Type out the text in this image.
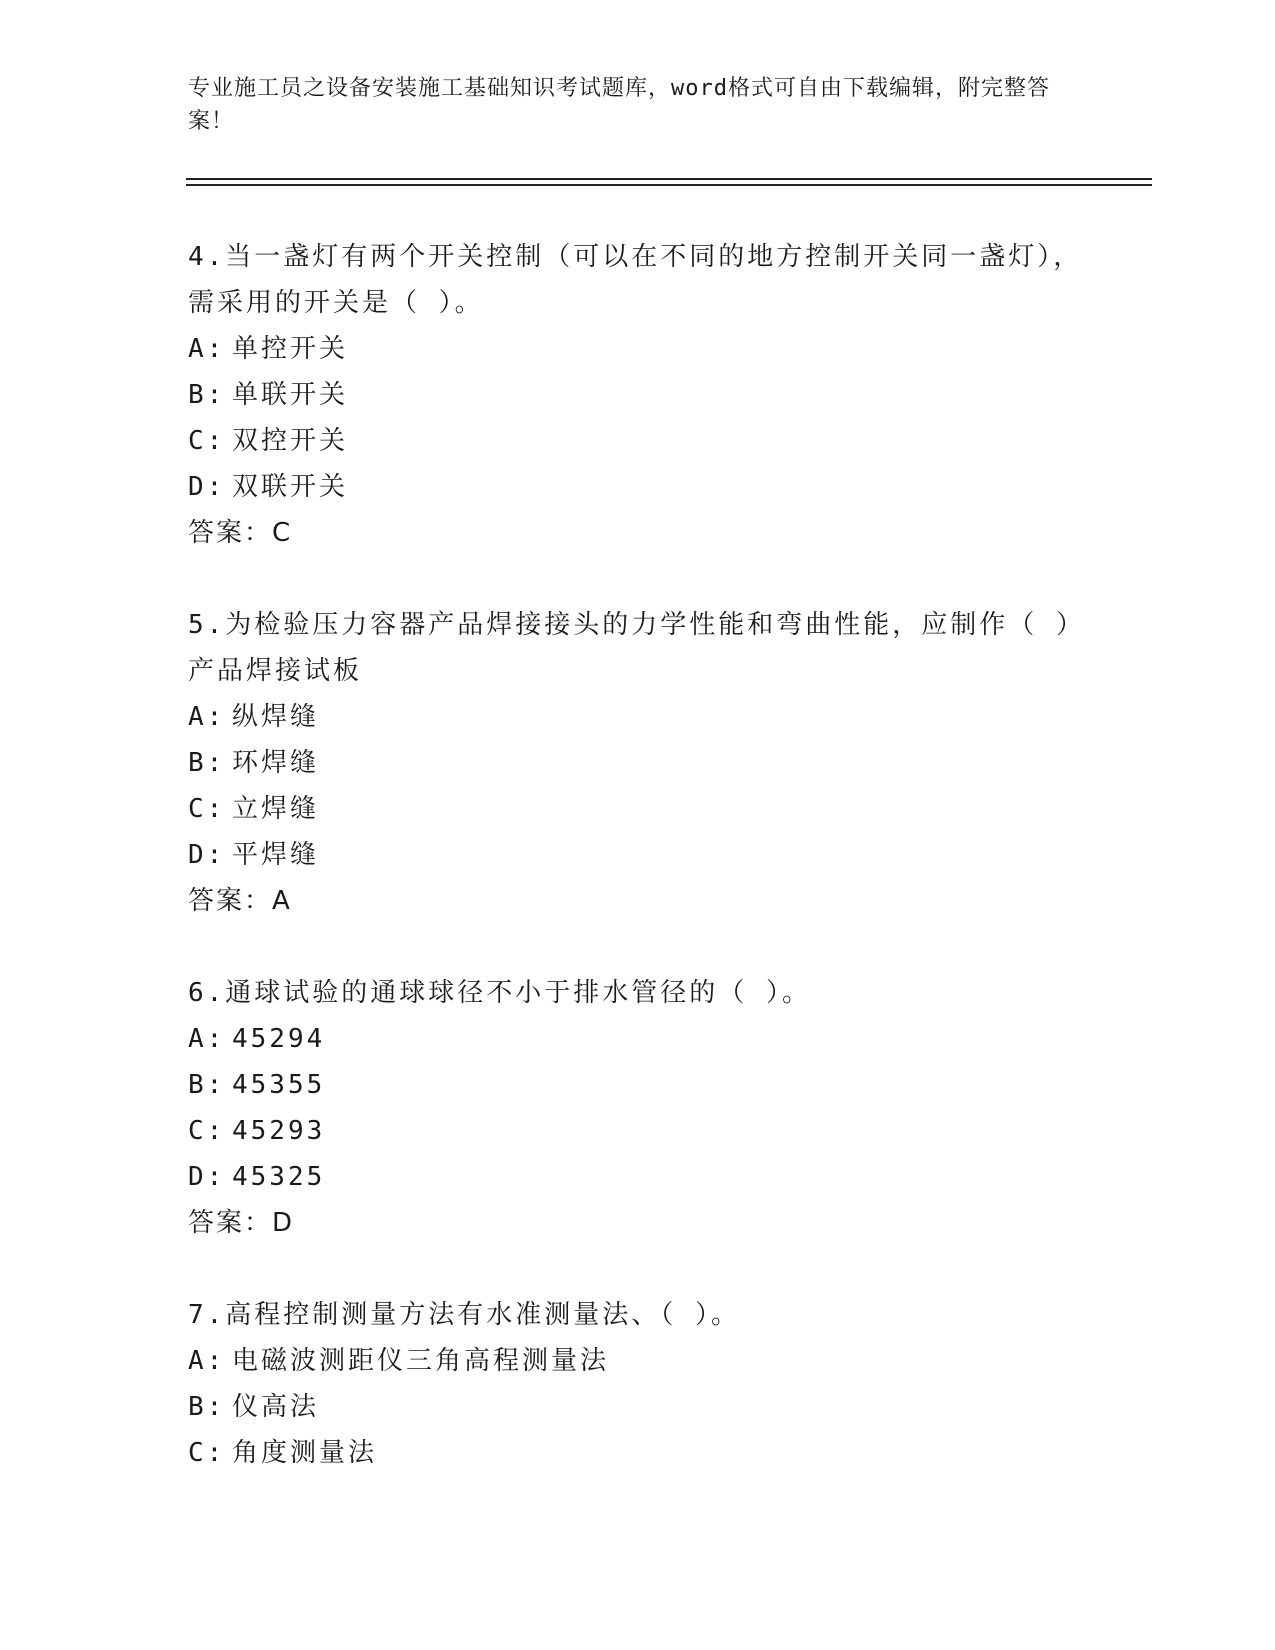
专业施工员之设备安装施工基础知识考试题库，word格式可自由下载编辑，附完整答案！
4.当一盏灯有两个开关控制（可以在不同的地方控制开关同一盏灯），需采用的开关是（ ）。
A: 单控开关
B: 单联开关
C: 双控开关
D: 双联开关
答案：C
5.为检验压力容器产品焊接接头的力学性能和弯曲性能，应制作（ ）产品焊接试板
A: 纵焊缝
B: 环焊缝
C: 立焊缝
D: 平焊缝
答案：A
6.通球试验的通球球径不小于排水管径的（ ）。
A: 45294
B: 45355
C: 45293
D: 45325
答案：D
7.高程控制测量方法有水准测量法、（ ）。
A: 电磁波测距仪三角高程测量法
B: 仪高法
C: 角度测量法
